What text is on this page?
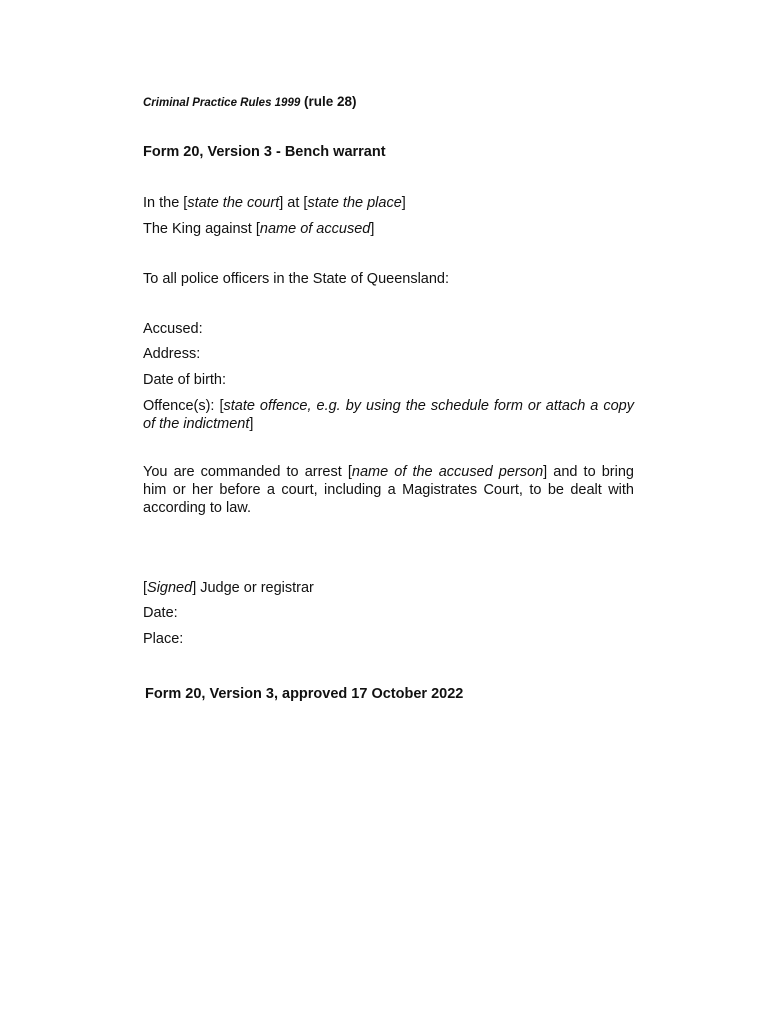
Criminal Practice Rules 1999 (rule 28)
Form 20, Version 3 - Bench warrant
In the [state the court] at [state the place]
The King against [name of accused]
To all police officers in the State of Queensland:
Accused:
Address:
Date of birth:
Offence(s): [state offence, e.g. by using the schedule form or attach a copy of the indictment]
You are commanded to arrest [name of the accused person] and to bring him or her before a court, including a Magistrates Court, to be dealt with according to law.
[Signed] Judge or registrar
Date:
Place:
Form 20, Version 3, approved 17 October 2022
